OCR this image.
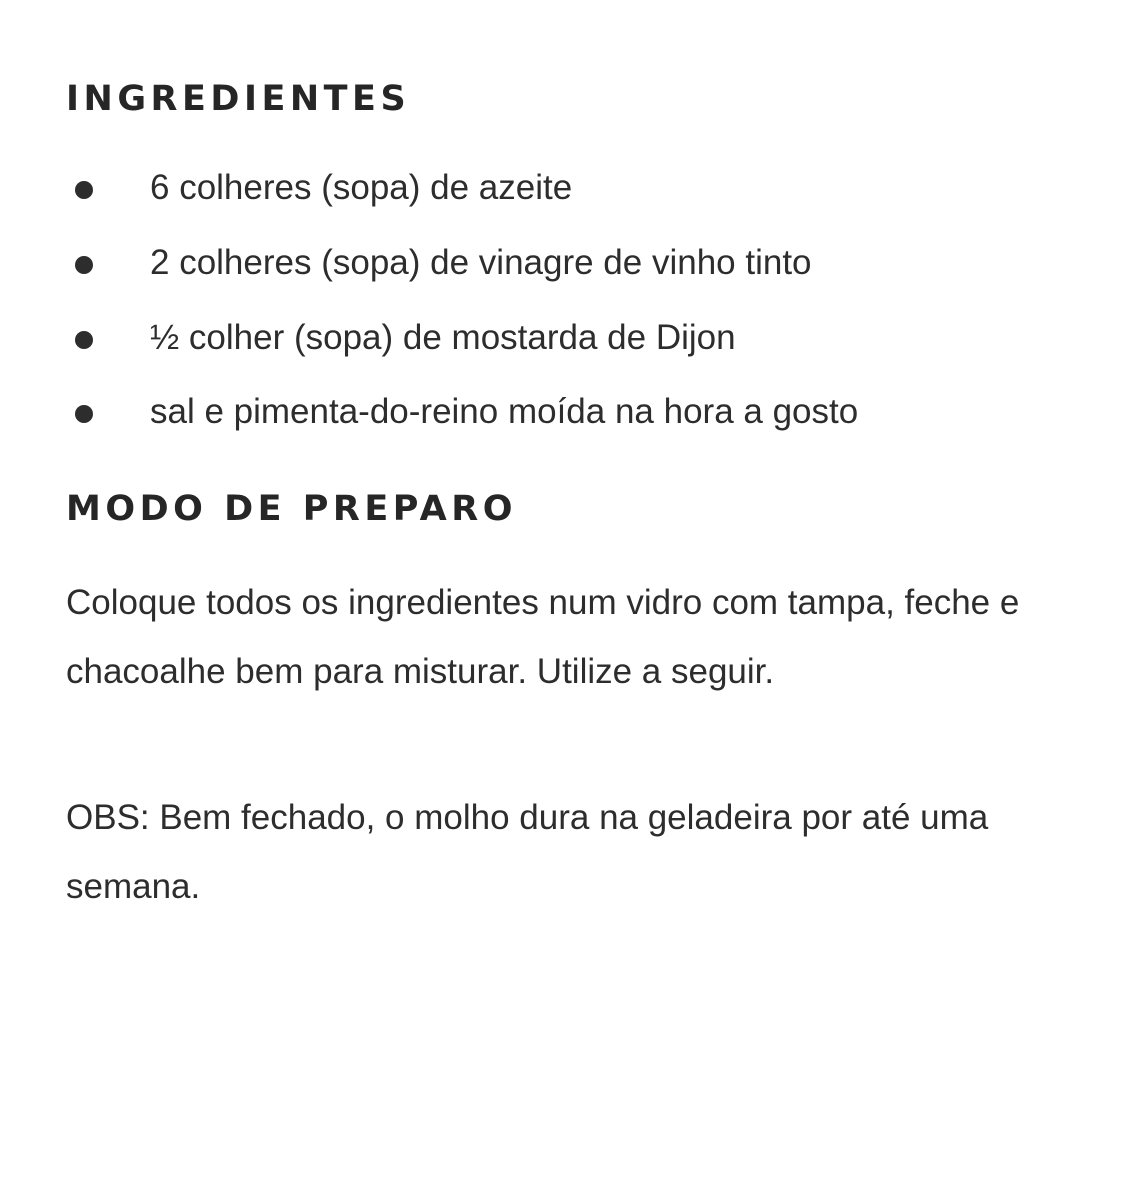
INGREDIENTES
6 colheres (sopa) de azeite
2 colheres (sopa) de vinagre de vinho tinto
½ colher (sopa) de mostarda de Dijon
sal e pimenta-do-reino moída na hora a gosto
MODO DE PREPARO

Coloque todos os ingredientes num vidro com tampa, feche e chacoalhe bem para misturar. Utilize a seguir.

OBS: Bem fechado, o molho dura na geladeira por até uma semana.
